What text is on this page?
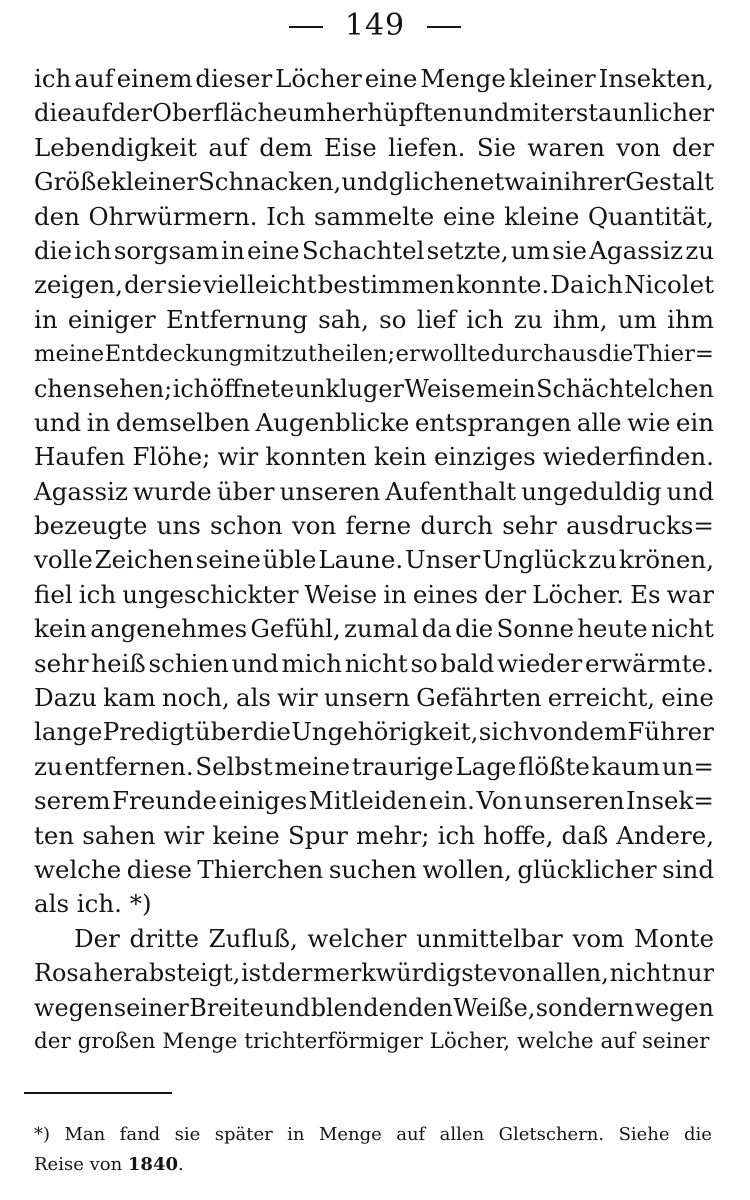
149
ich auf einem dieser Löcher eine Menge kleiner Insekten,
die auf der Oberfläche umherhüpften und mit erstaunlicher
Lebendigkeit auf dem Eise liefen. Sie waren von der
Größe kleiner Schnacken, und glichen etwa in ihrer Gestalt
den Ohrwürmern. Ich sammelte eine kleine Quantität,
die ich sorgsam in eine Schachtel setzte, um sie Agassiz zu
zeigen, der sie vielleicht bestimmen konnte. Da ich Nicolet
in einiger Entfernung sah, so lief ich zu ihm, um ihm
meine Entdeckung mitzutheilen; er wollte durchaus die Thier=
chen sehen; ich öffnete unkluger Weise mein Schächtelchen
und in demselben Augenblicke entsprangen alle wie ein
Haufen Flöhe; wir konnten kein einziges wiederfinden.
Agassiz wurde über unseren Aufenthalt ungeduldig und
bezeugte uns schon von ferne durch sehr ausdrucks=
volle Zeichen seine üble Laune. Unser Unglück zu krönen,
fiel ich ungeschickter Weise in eines der Löcher. Es war
kein angenehmes Gefühl, zumal da die Sonne heute nicht
sehr heiß schien und mich nicht so bald wieder erwärmte.
Dazu kam noch, als wir unsern Gefährten erreicht, eine
lange Predigt über die Ungehörigkeit, sich von dem Führer
zu entfernen. Selbst meine traurige Lage flößte kaum un=
serem Freunde einiges Mitleiden ein. Von unseren Insek=
ten sahen wir keine Spur mehr; ich hoffe, daß Andere,
welche diese Thierchen suchen wollen, glücklicher sind
als ich. *)
Der dritte Zufluß, welcher unmittelbar vom Monte
Rosa herabsteigt, ist der merkwürdigste von allen, nicht nur
wegen seiner Breite und blendenden Weiße, sondern wegen
der großen Menge trichterförmiger Löcher, welche auf seiner
*) Man fand sie später in Menge auf allen Gletschern. Siehe die
Reise von 1840.
